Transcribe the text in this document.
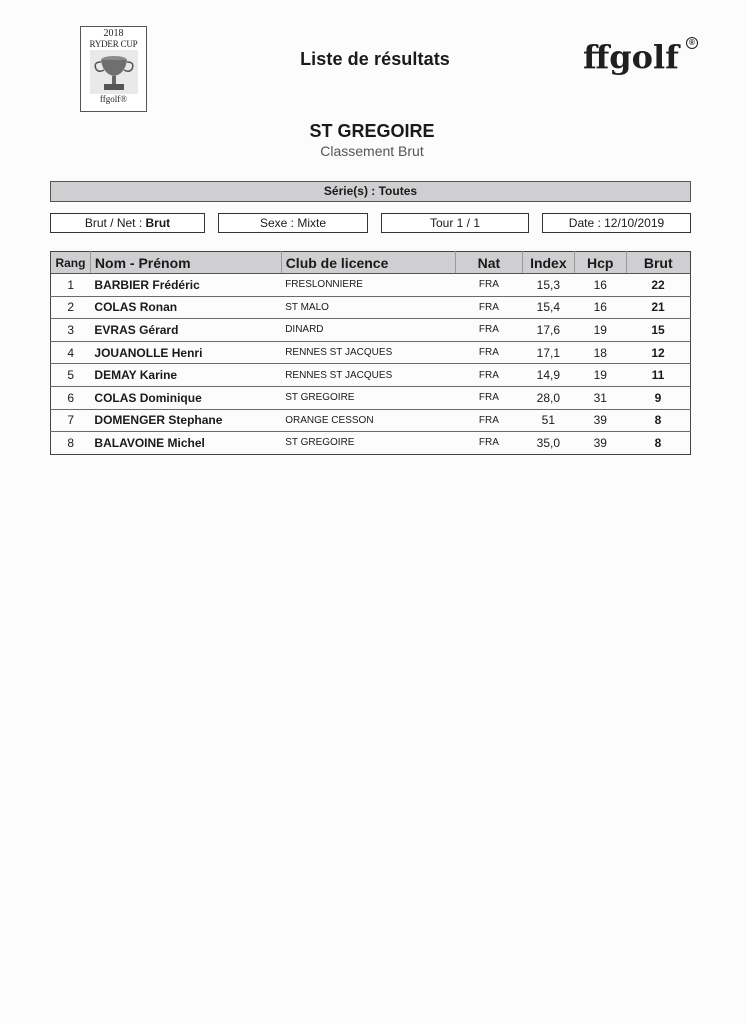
2018
RYDER CUP
ffgolf®
Liste de résultats	ffgolf	®
ST GREGOIRE
Classement Brut
Série(s) : Toutes
Brut / Net : Brut	Sexe : Mixte	Tour 1 / 1	Date : 12/10/2019
Rang	Nom - Prénom	Club de licence	Nat	Index	Hcp	Brut
1	BARBIER Frédéric	FRESLONNIERE	FRA	15,3	16	22
2	COLAS Ronan	ST MALO	FRA	15,4	16	21
3	EVRAS Gérard	DINARD	FRA	17,6	19	15
4	JOUANOLLE Henri	RENNES ST JACQUES	FRA	17,1	18	12
5	DEMAY Karine	RENNES ST JACQUES	FRA	14,9	19	11
6	COLAS Dominique	ST GREGOIRE	FRA	28,0	31	9
7	DOMENGER Stephane	ORANGE CESSON	FRA	51	39	8
8	BALAVOINE Michel	ST GREGOIRE	FRA	35,0	39	8
